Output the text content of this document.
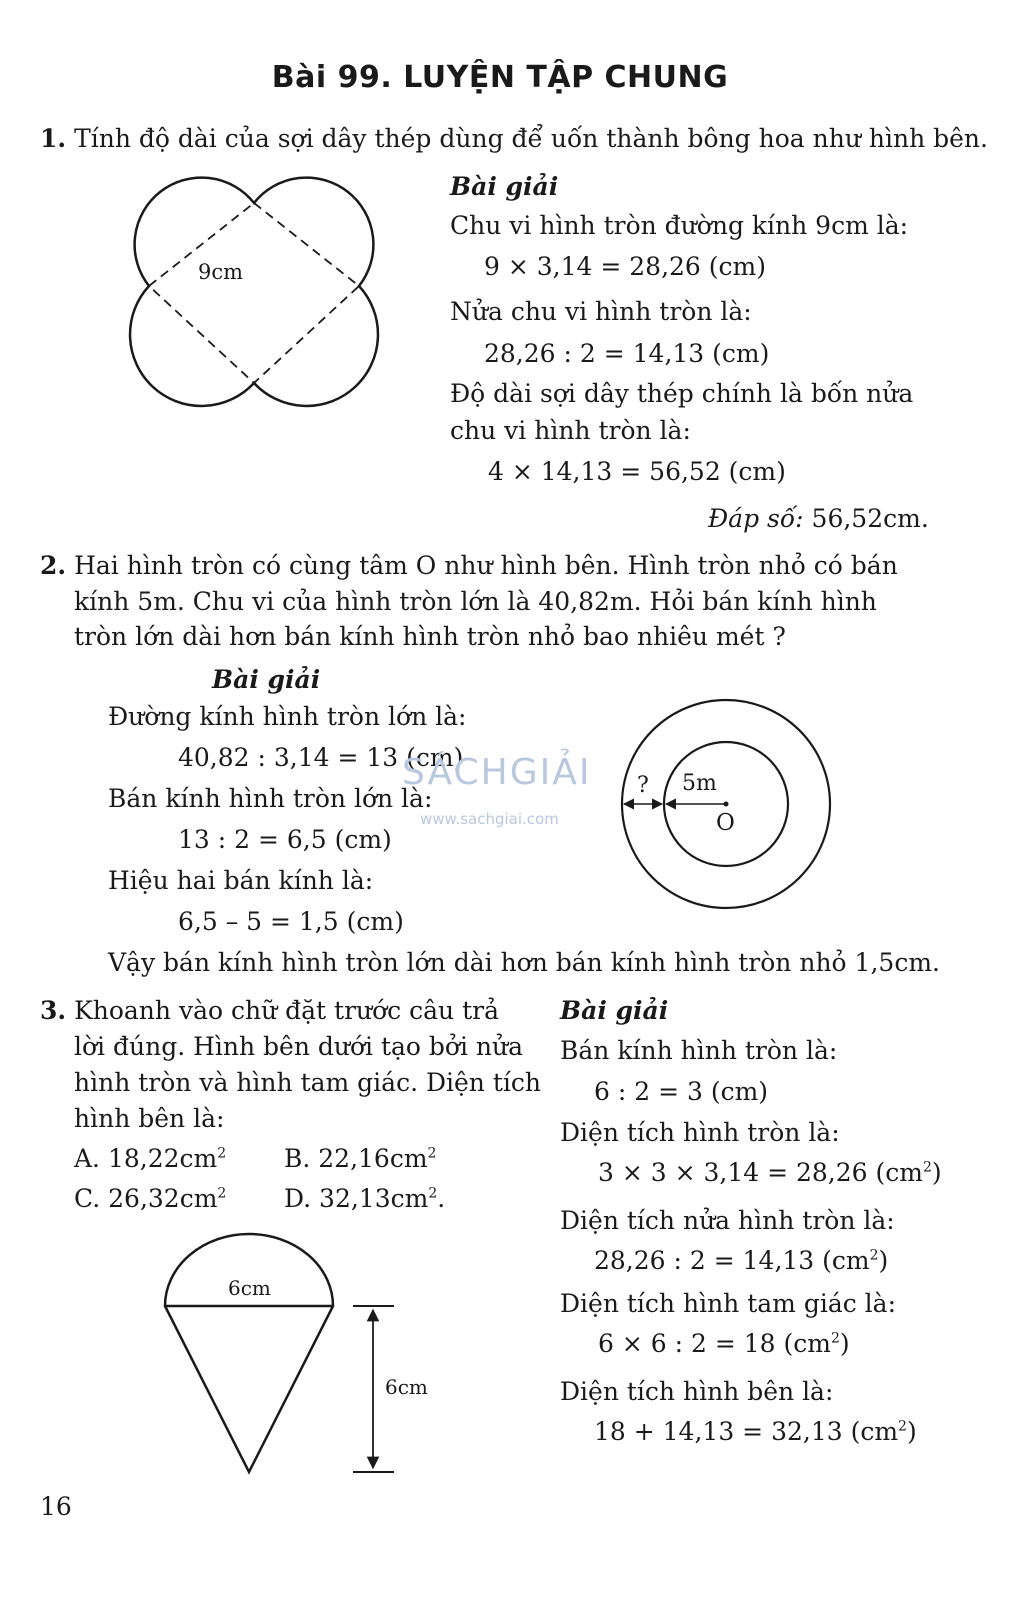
Bài 99. LUYỆN TẬP CHUNG
1. Tính độ dài của sợi dây thép dùng để uốn thành bông hoa như hình bên.
9cm
Bài giải
Chu vi hình tròn đường kính 9cm là:
9 × 3,14 = 28,26 (cm)
Nửa chu vi hình tròn là:
28,26 : 2 = 14,13 (cm)
Độ dài sợi dây thép chính là bốn nửa
chu vi hình tròn là:
4 × 14,13 = 56,52 (cm)
Đáp số: 56,52cm.
2. Hai hình tròn có cùng tâm O như hình bên. Hình tròn nhỏ có bán
kính 5m. Chu vi của hình tròn lớn là 40,82m. Hỏi bán kính hình
tròn lớn dài hơn bán kính hình tròn nhỏ bao nhiêu mét ?
Bài giải
Đường kính hình tròn lớn là:
40,82 : 3,14 = 13 (cm)
Bán kính hình tròn lớn là:
13 : 2 = 6,5 (cm)
Hiệu hai bán kính là:
6,5 – 5 = 1,5 (cm)
Vậy bán kính hình tròn lớn dài hơn bán kính hình tròn nhỏ 1,5cm.
SÁCHGIẢI
www.sachgiai.com
? 5m
O
3. Khoanh vào chữ đặt trước câu trả
lời đúng. Hình bên dưới tạo bởi nửa
hình tròn và hình tam giác. Diện tích
hình bên là:
A. $18,22cm^2$ B. $22,16cm^2$
C. $26,32cm^2$ D. $32,13cm^2$.
6cm
6cm
Bài giải
Bán kính hình tròn là:
6 : 2 = 3 (cm)
Diện tích hình tròn là:
3 × 3 × 3,14 = 28,26 $(cm^2)$
Diện tích nửa hình tròn là:
28,26 : 2 = 14,13 $(cm^2)$
Diện tích hình tam giác là:
6 × 6 : 2 = 18 $(cm^2)$
Diện tích hình bên là:
18 + 14,13 = 32,13 $(cm^2)$
16
